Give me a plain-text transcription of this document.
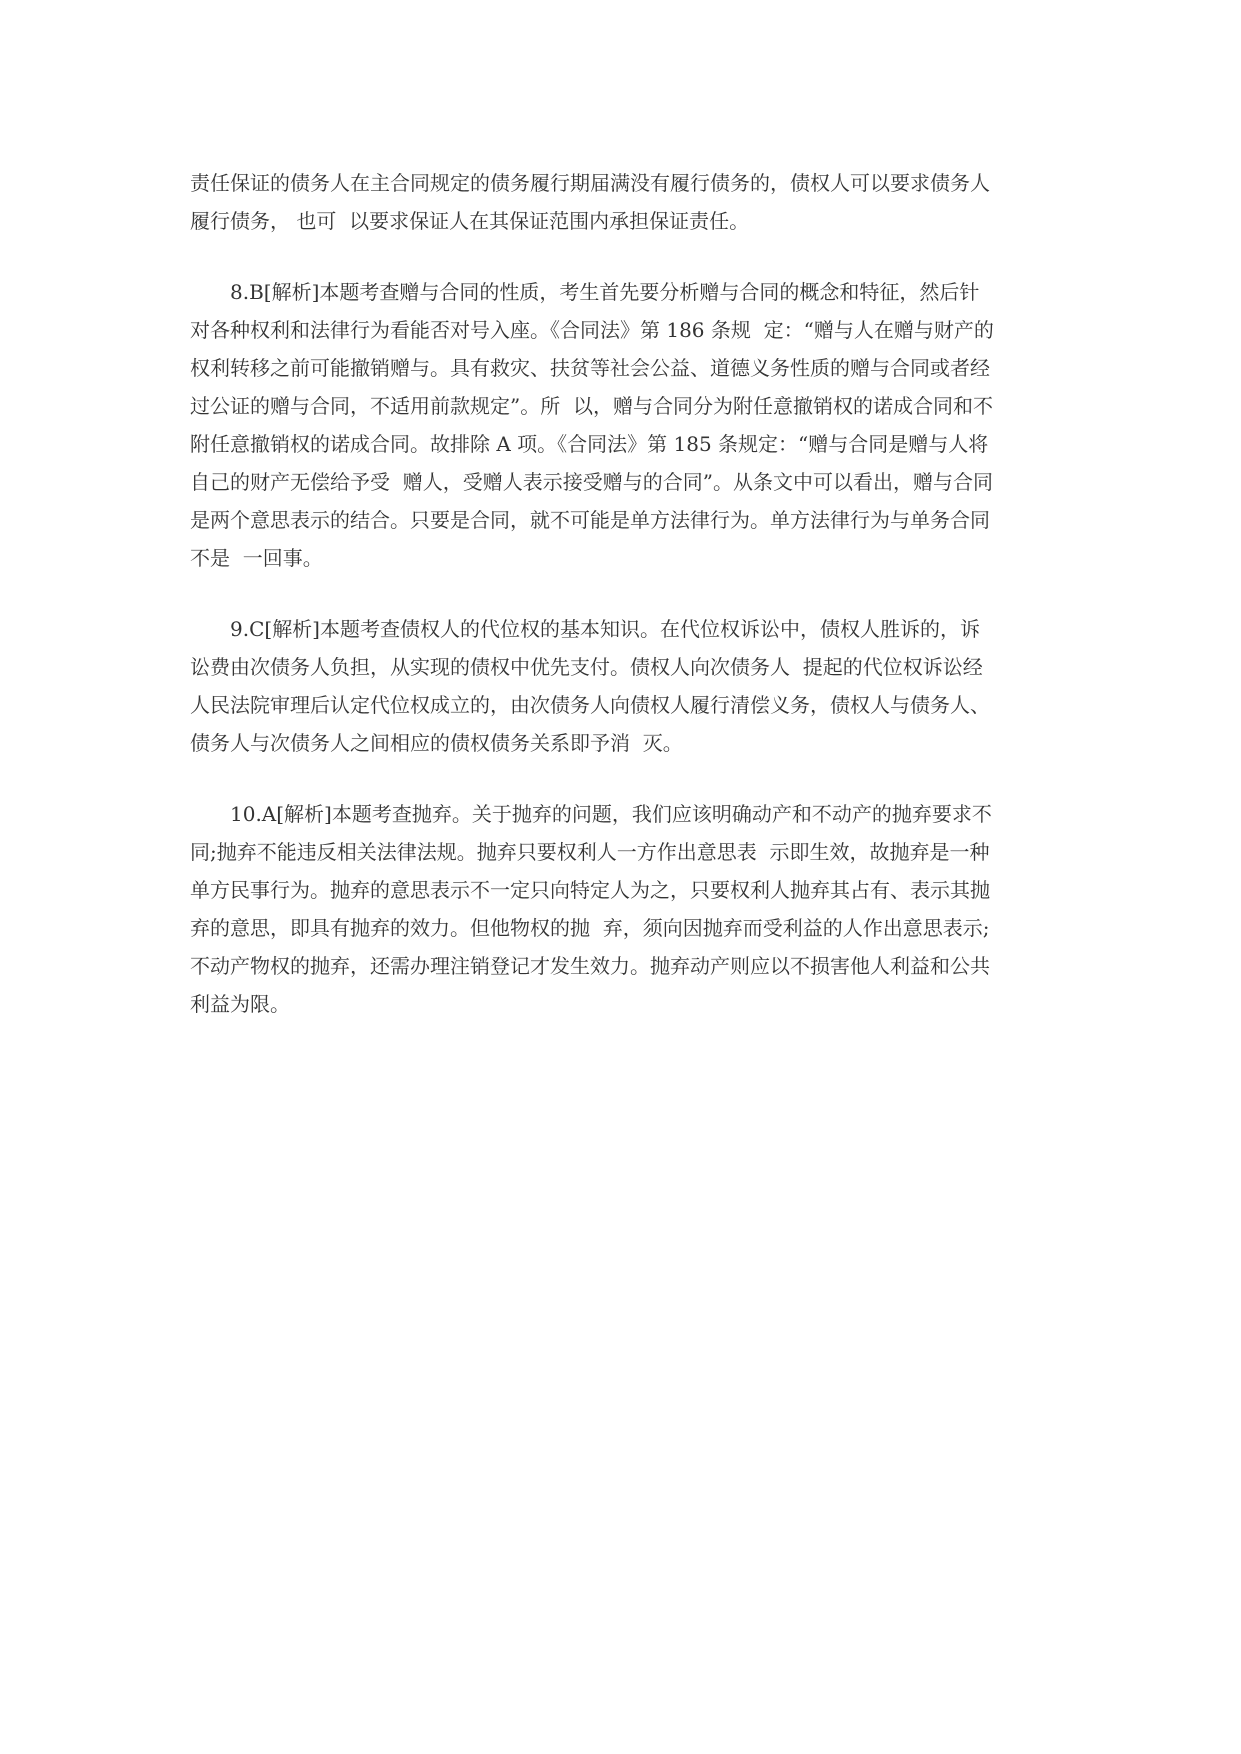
责任保证的债务人在主合同规定的债务履行期届满没有履行债务的，债权人可以要求债务人
履行债务， 也可  以要求保证人在其保证范围内承担保证责任。
8.B[解析]本题考查赠与合同的性质，考生首先要分析赠与合同的概念和特征，然后针
对各种权利和法律行为看能否对号入座。《合同法》第 186 条规  定：“赠与人在赠与财产的
权利转移之前可能撤销赠与。具有救灾、扶贫等社会公益、道德义务性质的赠与合同或者经
过公证的赠与合同，不适用前款规定”。所  以，赠与合同分为附任意撤销权的诺成合同和不
附任意撤销权的诺成合同。故排除 A 项。《合同法》第 185 条规定：“赠与合同是赠与人将
自己的财产无偿给予受  赠人，受赠人表示接受赠与的合同”。从条文中可以看出，赠与合同
是两个意思表示的结合。只要是合同，就不可能是单方法律行为。单方法律行为与单务合同
不是  一回事。
9.C[解析]本题考查债权人的代位权的基本知识。在代位权诉讼中，债权人胜诉的，诉
讼费由次债务人负担，从实现的债权中优先支付。债权人向次债务人  提起的代位权诉讼经
人民法院审理后认定代位权成立的，由次债务人向债权人履行清偿义务，债权人与债务人、
债务人与次债务人之间相应的债权债务关系即予消  灭。
10.A[解析]本题考查抛弃。关于抛弃的问题，我们应该明确动产和不动产的抛弃要求不
同;抛弃不能违反相关法律法规。抛弃只要权利人一方作出意思表  示即生效，故抛弃是一种
单方民事行为。抛弃的意思表示不一定只向特定人为之，只要权利人抛弃其占有、表示其抛
弃的意思，即具有抛弃的效力。但他物权的抛  弃，须向因抛弃而受利益的人作出意思表示;
不动产物权的抛弃，还需办理注销登记才发生效力。抛弃动产则应以不损害他人利益和公共
利益为限。
